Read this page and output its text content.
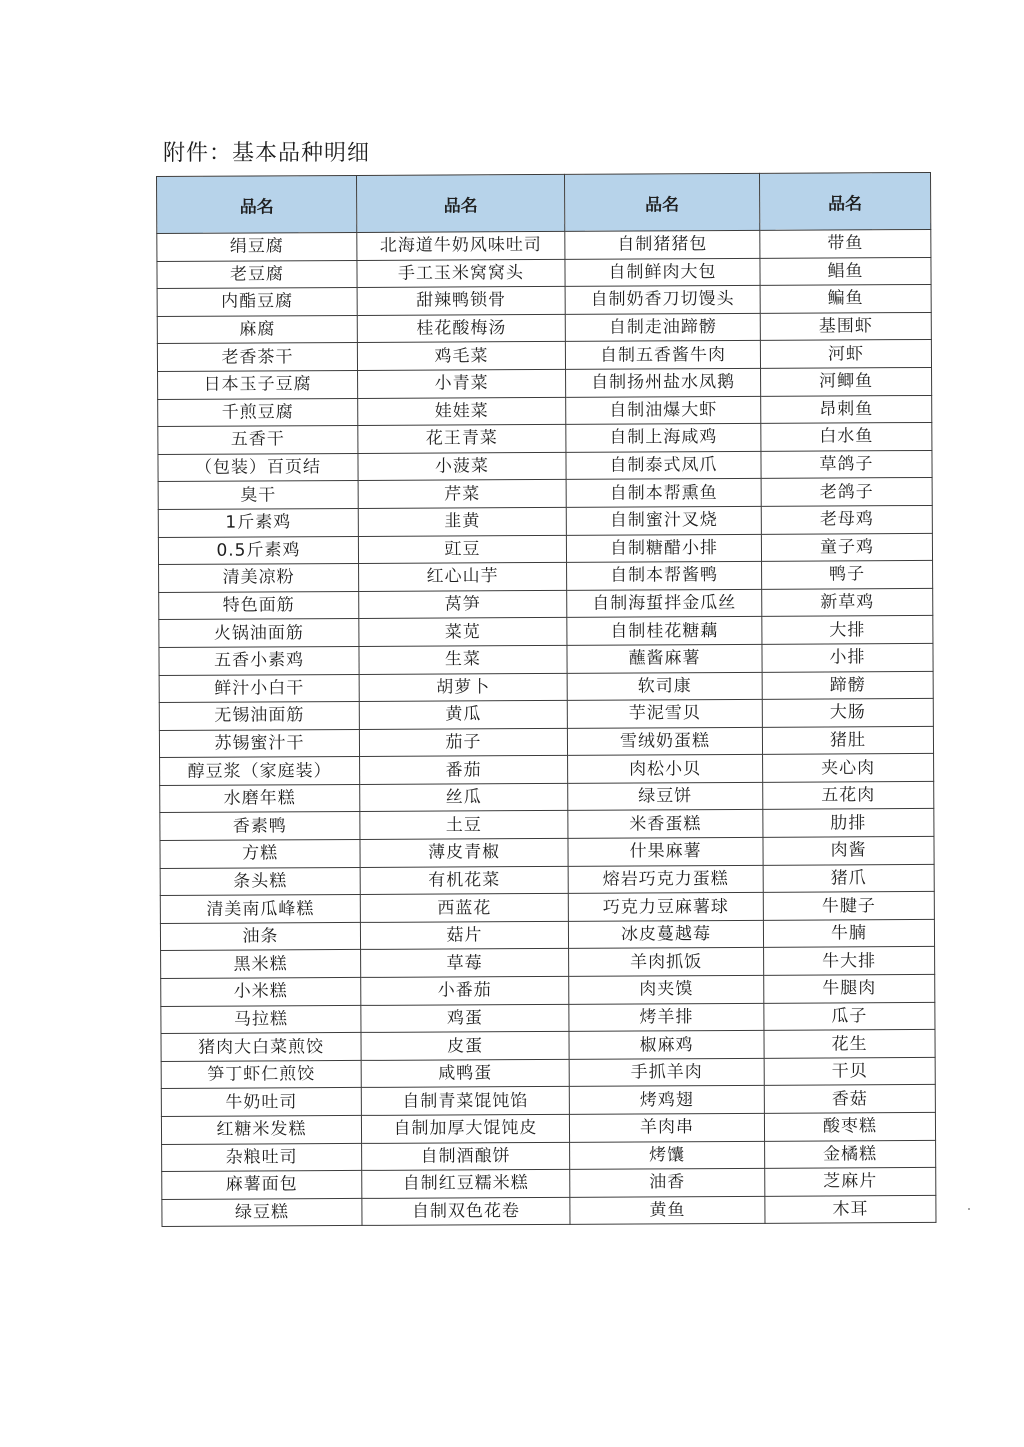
附件：基本品种明细
品名	品名	品名	品名
绢豆腐	北海道牛奶风味吐司	自制猪猪包	带鱼
老豆腐	手工玉米窝窝头	自制鲜肉大包	鲳鱼
内酯豆腐	甜辣鸭锁骨	自制奶香刀切馒头	鳊鱼
麻腐	桂花酸梅汤	自制走油蹄髈	基围虾
老香茶干	鸡毛菜	自制五香酱牛肉	河虾
日本玉子豆腐	小青菜	自制扬州盐水凤鹅	河鲫鱼
千煎豆腐	娃娃菜	自制油爆大虾	昂刺鱼
五香干	花王青菜	自制上海咸鸡	白水鱼
（包装）百页结	小菠菜	自制泰式凤爪	草鸽子
臭干	芹菜	自制本帮熏鱼	老鸽子
1斤素鸡	韭黄	自制蜜汁叉烧	老母鸡
0.5斤素鸡	豇豆	自制糖醋小排	童子鸡
清美凉粉	红心山芋	自制本帮酱鸭	鸭子
特色面筋	莴笋	自制海蜇拌金瓜丝	新草鸡
火锅油面筋	菜苋	自制桂花糖藕	大排
五香小素鸡	生菜	蘸酱麻薯	小排
鲜汁小白干	胡萝卜	软司康	蹄髈
无锡油面筋	黄瓜	芋泥雪贝	大肠
苏锡蜜汁干	茄子	雪绒奶蛋糕	猪肚
醇豆浆（家庭装）	番茄	肉松小贝	夹心肉
水磨年糕	丝瓜	绿豆饼	五花肉
香素鸭	土豆	米香蛋糕	肋排
方糕	薄皮青椒	什果麻薯	肉酱
条头糕	有机花菜	熔岩巧克力蛋糕	猪爪
清美南瓜峰糕	西蓝花	巧克力豆麻薯球	牛腱子
油条	菇片	冰皮蔓越莓	牛腩
黑米糕	草莓	羊肉抓饭	牛大排
小米糕	小番茄	肉夹馍	牛腿肉
马拉糕	鸡蛋	烤羊排	瓜子
猪肉大白菜煎饺	皮蛋	椒麻鸡	花生
笋丁虾仁煎饺	咸鸭蛋	手抓羊肉	干贝
牛奶吐司	自制青菜馄饨馅	烤鸡翅	香菇
红糖米发糕	自制加厚大馄饨皮	羊肉串	酸枣糕
杂粮吐司	自制酒酿饼	烤馕	金橘糕
麻薯面包	自制红豆糯米糕	油香	芝麻片
绿豆糕	自制双色花卷	黄鱼	木耳
